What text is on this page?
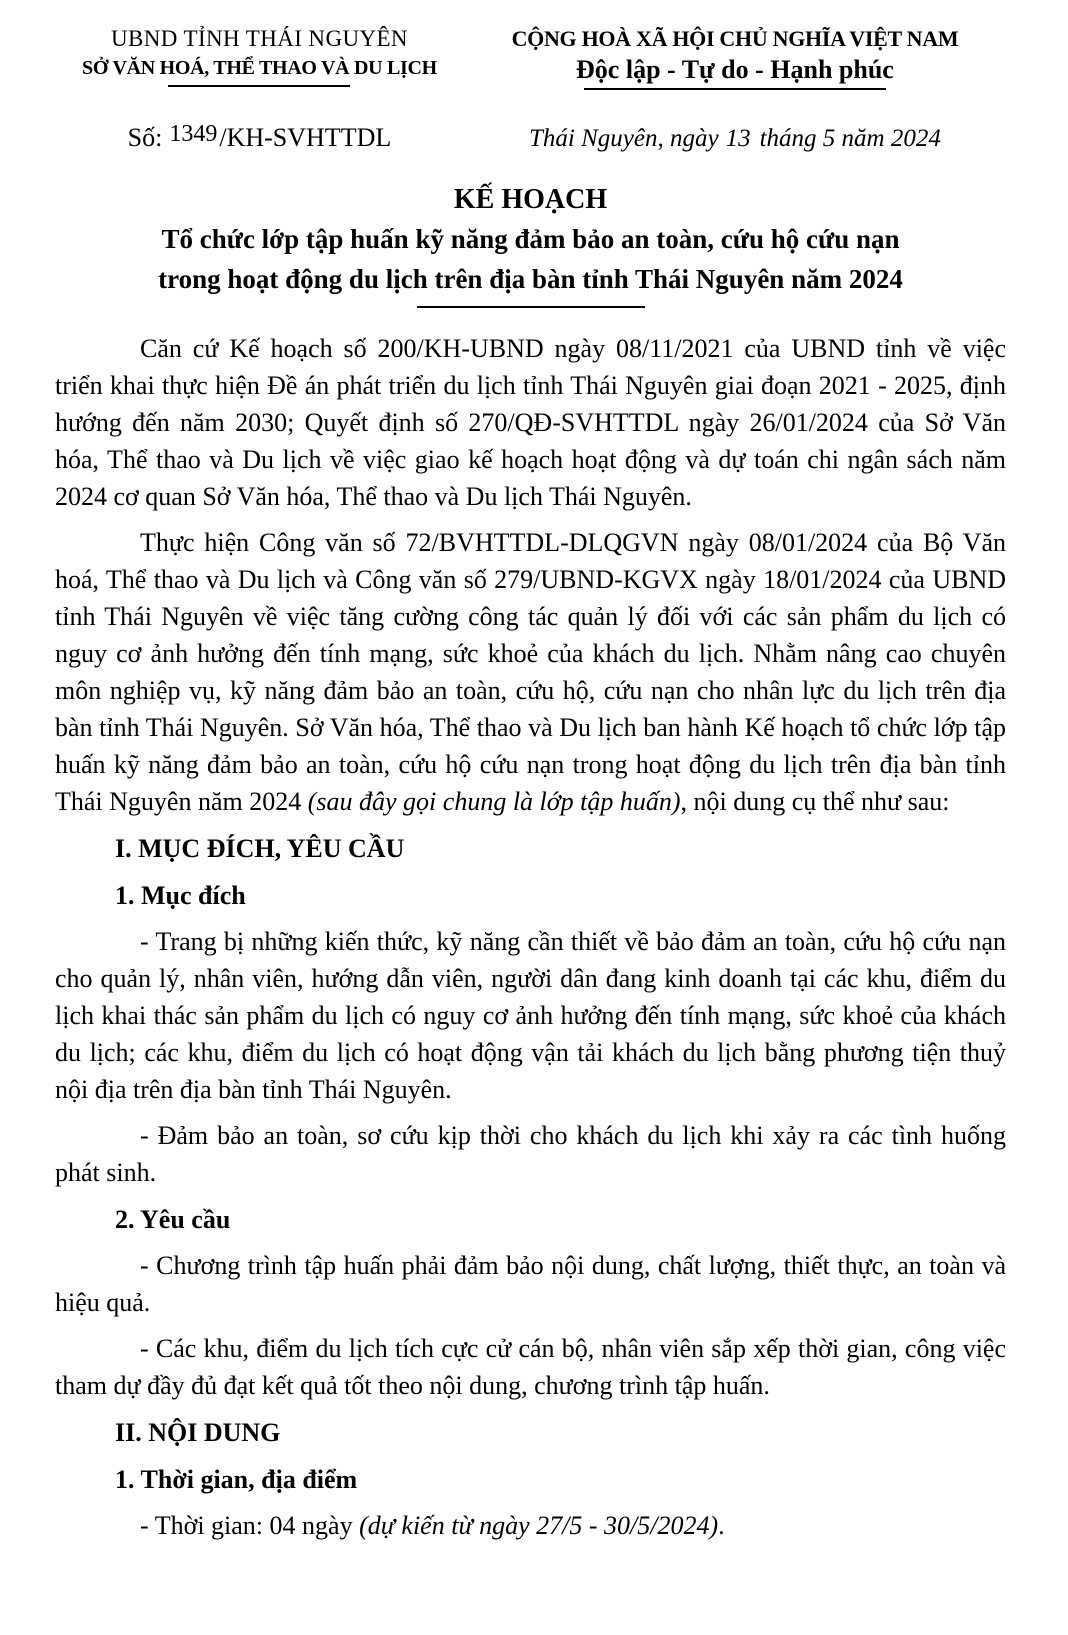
UBND TỈNH THÁI NGUYÊN
SỞ VĂN HOÁ, THỂ THAO VÀ DU LỊCH
Số: 1349/KH-SVHTTDL
CỘNG HOÀ XÃ HỘI CHỦ NGHĨA VIỆT NAM
Độc lập - Tự do - Hạnh phúc
Thái Nguyên, ngày 13 tháng 5 năm 2024
KẾ HOẠCH
Tổ chức lớp tập huấn kỹ năng đảm bảo an toàn, cứu hộ cứu nạn
trong hoạt động du lịch trên địa bàn tỉnh Thái Nguyên năm 2024

Căn cứ Kế hoạch số 200/KH-UBND ngày 08/11/2021 của UBND tỉnh về việc triển khai thực hiện Đề án phát triển du lịch tỉnh Thái Nguyên giai đoạn 2021 - 2025, định hướng đến năm 2030; Quyết định số 270/QĐ-SVHTTDL ngày 26/01/2024 của Sở Văn hóa, Thể thao và Du lịch về việc giao kế hoạch hoạt động và dự toán chi ngân sách năm 2024 cơ quan Sở Văn hóa, Thể thao và Du lịch Thái Nguyên.

Thực hiện Công văn số 72/BVHTTDL-DLQGVN ngày 08/01/2024 của Bộ Văn hoá, Thể thao và Du lịch và Công văn số 279/UBND-KGVX ngày 18/01/2024 của UBND tỉnh Thái Nguyên về việc tăng cường công tác quản lý đối với các sản phẩm du lịch có nguy cơ ảnh hưởng đến tính mạng, sức khoẻ của khách du lịch. Nhằm nâng cao chuyên môn nghiệp vụ, kỹ năng đảm bảo an toàn, cứu hộ, cứu nạn cho nhân lực du lịch trên địa bàn tỉnh Thái Nguyên. Sở Văn hóa, Thể thao và Du lịch ban hành Kế hoạch tổ chức lớp tập huấn kỹ năng đảm bảo an toàn, cứu hộ cứu nạn trong hoạt động du lịch trên địa bàn tỉnh Thái Nguyên năm 2024 (sau đây gọi chung là lớp tập huấn), nội dung cụ thể như sau:

I. MỤC ĐÍCH, YÊU CẦU
1. Mục đích

- Trang bị những kiến thức, kỹ năng cần thiết về bảo đảm an toàn, cứu hộ cứu nạn cho quản lý, nhân viên, hướng dẫn viên, người dân đang kinh doanh tại các khu, điểm du lịch khai thác sản phẩm du lịch có nguy cơ ảnh hưởng đến tính mạng, sức khoẻ của khách du lịch; các khu, điểm du lịch có hoạt động vận tải khách du lịch bằng phương tiện thuỷ nội địa trên địa bàn tỉnh Thái Nguyên.

- Đảm bảo an toàn, sơ cứu kịp thời cho khách du lịch khi xảy ra các tình huống phát sinh.

2. Yêu cầu

- Chương trình tập huấn phải đảm bảo nội dung, chất lượng, thiết thực, an toàn và hiệu quả.

- Các khu, điểm du lịch tích cực cử cán bộ, nhân viên sắp xếp thời gian, công việc tham dự đầy đủ đạt kết quả tốt theo nội dung, chương trình tập huấn.

II. NỘI DUNG
1. Thời gian, địa điểm

- Thời gian: 04 ngày (dự kiến từ ngày 27/5 - 30/5/2024).
